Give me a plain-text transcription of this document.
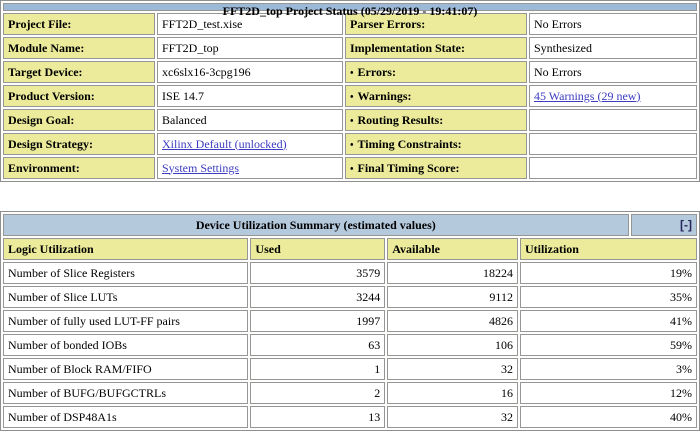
FFT2D_top Project Status (05/29/2019 - 19:41:07)			

Project File:	FFT2D_test.xise	Parser Errors:	No Errors
Module Name:	FFT2D_top	Implementation State:	Synthesized
Target Device:	xc6slx16-3cpg196	• Errors:	No Errors
Product Version:	ISE 14.7	• Warnings:	45 Warnings (29 new)
Design Goal:	Balanced	• Routing Results:	
Design Strategy:	Xilinx Default (unlocked)	• Timing Constraints:	
Environment:	System Settings	• Final Timing Score:	
Device Utilization Summary (estimated values)				[-]
Logic Utilization	Used	Available	Utilization	
Number of Slice Registers	3579	18224	19%	
Number of Slice LUTs	3244	9112	35%	
Number of fully used LUT-FF pairs	1997	4826	41%	
Number of bonded IOBs	63	106	59%	
Number of Block RAM/FIFO	1	32	3%	
Number of BUFG/BUFGCTRLs	2	16	12%	
Number of DSP48A1s	13	32	40%	
